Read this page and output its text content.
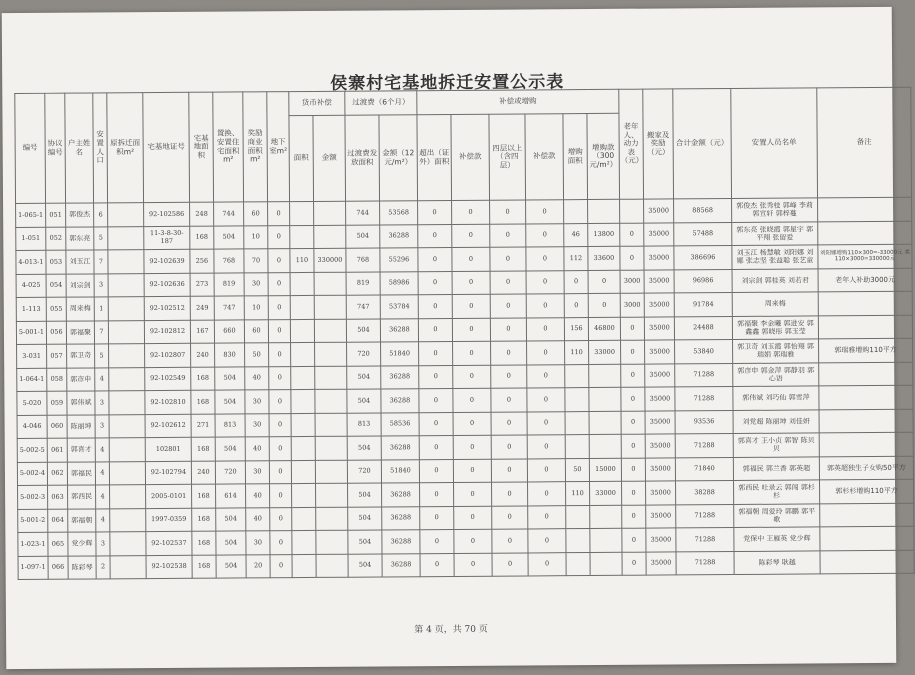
侯寨村宅基地拆迁安置公示表
编号	协议编号	户主姓名	安置人口	原拆迁面积m²	宅基地证号	宅基地面积	置换、安置住宅面积m²	奖励商业面积m²	地下室m²	货币补偿		过渡费（6个月）		补偿或增购						老年人、动力表（元）	搬家及奖励（元）	合计金额（元）	安置人员名单	备注
										面积	金额	过渡费发放面积	金额（12元/m²）	超出（证外）面积	补偿款	四层以上（含四层）	补偿款	增购面积	增购款（300元/m²）					
1-065-1	051	郭俊杰	6		92-102586	248	744	60	0			744	53568	0	0	0	0				35000	88568	郭俊杰 张秀枝 郭峰 李莉 郭宣轩 郭梓蔓	
1-051	052	郭东亮	5		11-3-8-30-187	168	504	10	0			504	36288	0	0	0	0	46	13800	0	35000	57488	郭东亮 张晓霞 郭星宇 郭平翔 张留爱	
4-013-1	053	刘玉江	7		92-102639	256	768	70	0	110	330000	768	55296	0	0	0	0	112	33600	0	35000	386696	刘玉江 杨慧敏 刘阳娜 刘娜 张志坚 张益聪 张艺童	刘阳娜增购110×300=-33000元 卖110×3000=330000元
4-025	054	刘宗剑	3		92-102636	273	819	30	0			819	58986	0	0	0	0	0	0	3000	35000	96986	刘宗剑 郭桂英 刘若君	老年人补助3000元
1-113	055	周来梅	1		92-102512	249	747	10	0			747	53784	0	0	0	0	0	0	3000	35000	91784	周来梅	
5-001-1	056	郭福聚	7		92-102812	167	660	60	0			504	36288	0	0	0	0	156	46800	0	35000	24488	郭福聚 李金曦 郭进安 郭鑫鑫 郭晓彤 郭玉莹	
3-031	057	郭卫奇	5		92-102807	240	830	50	0			720	51840	0	0	0	0	110	33000	0	35000	53840	郭卫奇 刘玉霞 郭怡翔 郭瑞娟 郭瑞雅	郭瑞雅增购110平方
1-064-1	058	郭彦申	4		92-102549	168	504	40	0			504	36288	0	0	0	0			0	35000	71288	郭彦申 郭金萍 郭静羽 郭心语	
5-020	059	郭伟斌	3		92-102810	168	504	30	0			504	36288	0	0	0	0			0	35000	71288	郭伟斌 刘巧仙 郭雪萍	
4-046	060	陈丽坤	3		92-102612	271	813	30	0			813	58536	0	0	0	0			0	35000	93536	刘党超 陈丽坤 刘佳妍	
5-002-5	061	郭喜才	4		102801	168	504	40	0			504	36288	0	0	0	0			0	35000	71288	郭喜才 王小贞 郭智 陈贝贝	
5-002-4	062	郭福民	4		92-102794	240	720	30	0			720	51840	0	0	0	0	50	15000	0	35000	71840	郭福民 郭兰香 郭英超	郭英超独生子女购50平方
5-002-3	063	郭西民	4		2005-0101	168	614	40	0			504	36288	0	0	0	0	110	33000	0	35000	38288	郭西民 吐录云 郭闯 郭杉杉	郭杉杉增购110平方
5-001-2	064	郭福朝	4		1997-0359	168	504	40	0			504	36288	0	0	0	0			0	35000	71288	郭福朝 周爱玲 郭鹏 郭平歌	
1-023-1	065	党少辉	3		92-102537	168	504	30	0			504	36288	0	0	0	0			0	35000	71288	党保中 王雁英 党少辉	
1-097-1	066	陈彩琴	2		92-102538	168	504	20	0			504	36288	0	0	0	0			0	35000	71288	陈彩琴 耿越	
第 4 页，共 70 页
